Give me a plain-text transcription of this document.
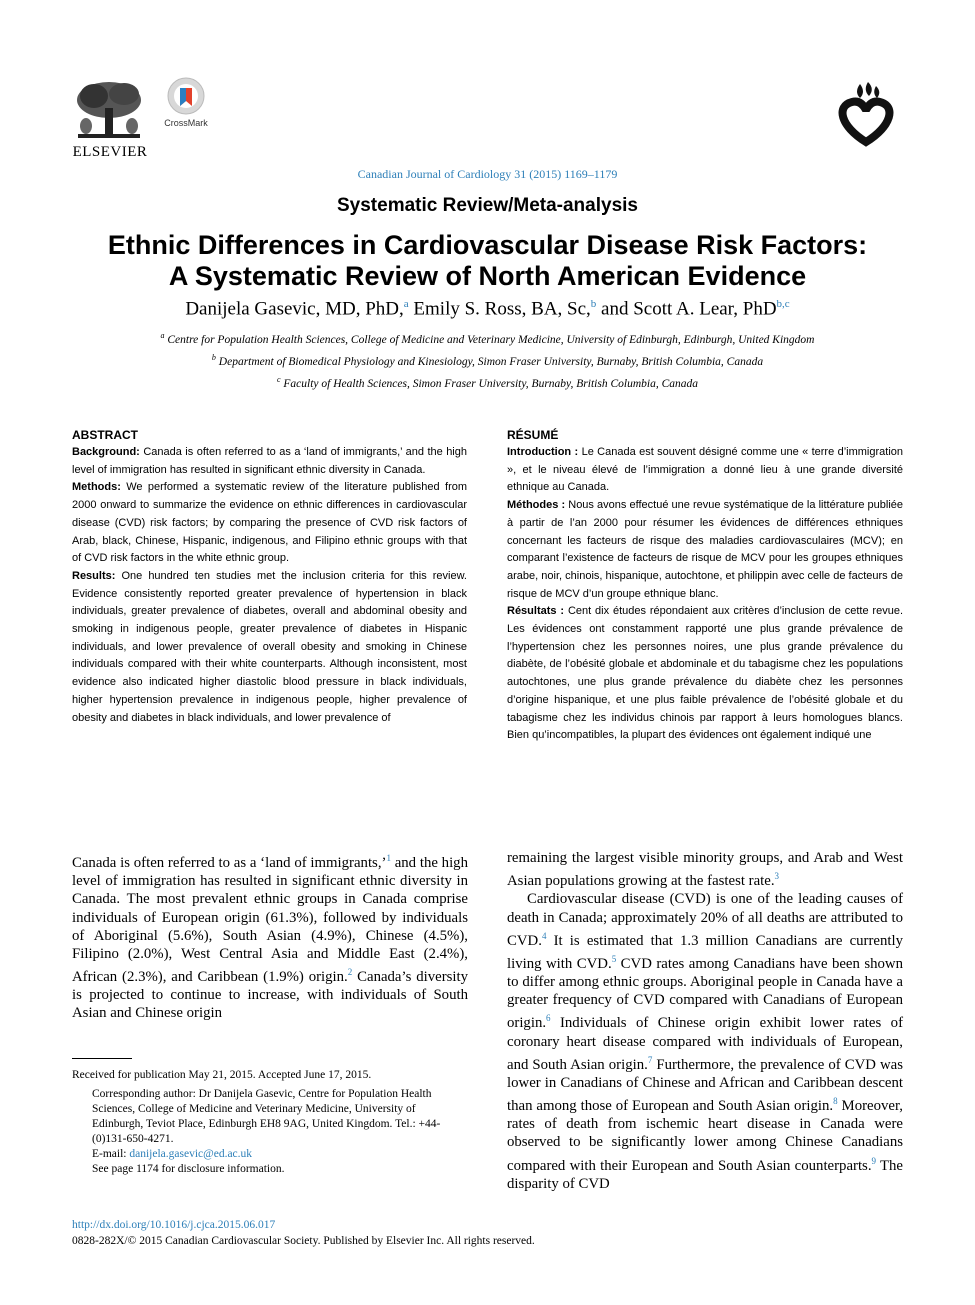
ELSEVIER
CrossMark
Canadian Journal of Cardiology 31 (2015) 1169–1179
Systematic Review/Meta-analysis
Ethnic Differences in Cardiovascular Disease Risk Factors:
A Systematic Review of North American Evidence
Danijela Gasevic, MD, PhD,$^a$ Emily S. Ross, BA, Sc,$^b$ and Scott A. Lear, PhD$^{b,c}$
$^a$ Centre for Population Health Sciences, College of Medicine and Veterinary Medicine, University of Edinburgh, Edinburgh, United Kingdom
$^b$ Department of Biomedical Physiology and Kinesiology, Simon Fraser University, Burnaby, British Columbia, Canada
$^c$ Faculty of Health Sciences, Simon Fraser University, Burnaby, British Columbia, Canada
ABSTRACT

Background: Canada is often referred to as a ‘land of immigrants,’ and the high level of immigration has resulted in significant ethnic diversity in Canada.

Methods: We performed a systematic review of the literature published from 2000 onward to summarize the evidence on ethnic differences in cardiovascular disease (CVD) risk factors; by comparing the presence of CVD risk factors of Arab, black, Chinese, Hispanic, indigenous, and Filipino ethnic groups with that of CVD risk factors in the white ethnic group.

Results: One hundred ten studies met the inclusion criteria for this review. Evidence consistently reported greater prevalence of hypertension in black individuals, greater prevalence of diabetes, overall and abdominal obesity and smoking in indigenous people, greater prevalence of diabetes in Hispanic individuals, and lower prevalence of overall obesity and smoking in Chinese individuals compared with their white counterparts. Although inconsistent, most evidence also indicated higher diastolic blood pressure in black individuals, higher hypertension prevalence in indigenous people, higher prevalence of obesity and diabetes in black individuals, and lower prevalence of

RÉSUMÉ

Introduction : Le Canada est souvent désigné comme une « terre d’immigration », et le niveau élevé de l’immigration a donné lieu à une grande diversité ethnique au Canada.

Méthodes : Nous avons effectué une revue systématique de la littérature publiée à partir de l’an 2000 pour résumer les évidences de différences ethniques concernant les facteurs de risque des maladies cardiovasculaires (MCV); en comparant l’existence de facteurs de risque de MCV pour les groupes ethniques arabe, noir, chinois, hispanique, autochtone, et philippin avec celle de facteurs de risque de MCV d’un groupe ethnique blanc.

Résultats : Cent dix études répondaient aux critères d’inclusion de cette revue. Les évidences ont constamment rapporté une plus grande prévalence de l’hypertension chez les personnes noires, une plus grande prévalence du diabète, de l’obésité globale et abdominale et du tabagisme chez les populations autochtones, une plus grande prévalence du diabète chez les personnes d’origine hispanique, et une plus faible prévalence de l’obésité globale et du tabagisme chez les individus chinois par rapport à leurs homologues blancs. Bien qu’incompatibles, la plupart des évidences ont également indiqué une

Canada is often referred to as a ‘land of immigrants,’$^1$ and the high level of immigration has resulted in significant ethnic diversity in Canada. The most prevalent ethnic groups in Canada comprise individuals of European origin (61.3%), followed by individuals of Aboriginal (5.6%), South Asian (4.9%), Chinese (4.5%), Filipino (2.0%), West Central Asia and Middle East (2.4%), African (2.3%), and Caribbean (1.9%) origin.$^2$ Canada’s diversity is projected to continue to increase, with individuals of South Asian and Chinese origin

remaining the largest visible minority groups, and Arab and West Asian populations growing at the fastest rate.$^3$

Cardiovascular disease (CVD) is one of the leading causes of death in Canada; approximately 20% of all deaths are attributed to CVD.$^4$ It is estimated that 1.3 million Canadians are currently living with CVD.$^5$ CVD rates among Canadians have been shown to differ among ethnic groups. Aboriginal people in Canada have a greater frequency of CVD compared with Canadians of European origin.$^6$ Individuals of Chinese origin exhibit lower rates of coronary heart disease compared with individuals of European, and South Asian origin.$^7$ Furthermore, the prevalence of CVD was lower in Canadians of Chinese and African and Caribbean descent than among those of European and South Asian origin.$^8$ Moreover, rates of death from ischemic heart disease in Canada were observed to be significantly lower among Chinese Canadians compared with their European and South Asian counterparts.$^9$ The disparity of CVD

Received for publication May 21, 2015. Accepted June 17, 2015.

Corresponding author: Dr Danijela Gasevic, Centre for Population Health Sciences, College of Medicine and Veterinary Medicine, University of Edinburgh, Teviot Place, Edinburgh EH8 9AG, United Kingdom. Tel.: +44-(0)131-650-4271.

E-mail: danijela.gasevic@ed.ac.uk

See page 1174 for disclosure information.

http://dx.doi.org/10.1016/j.cjca.2015.06.017
0828-282X/© 2015 Canadian Cardiovascular Society. Published by Elsevier Inc. All rights reserved.
